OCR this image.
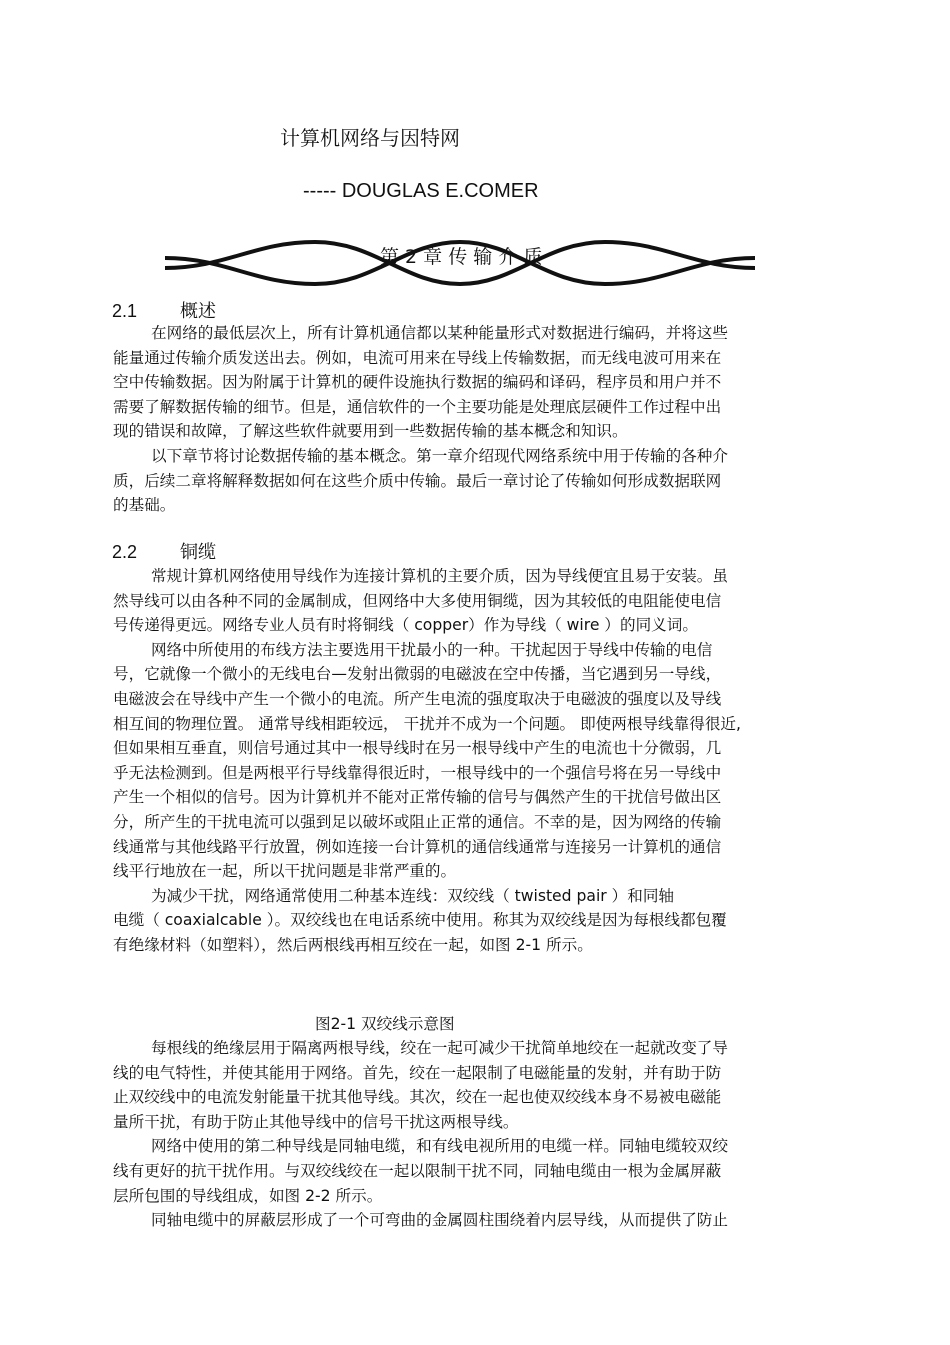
计算机网络与因特网
----- DOUGLAS E.COMER
第 2 章 传 输 介 质
2.1 概述
在网络的最低层次上，所有计算机通信都以某种能量形式对数据进行编码，并将这些
能量通过传输介质发送出去。例如，电流可用来在导线上传输数据，而无线电波可用来在
空中传输数据。因为附属于计算机的硬件设施执行数据的编码和译码，程序员和用户并不
需要了解数据传输的细节。但是，通信软件的一个主要功能是处理底层硬件工作过程中出
现的错误和故障，了解这些软件就要用到一些数据传输的基本概念和知识。
以下章节将讨论数据传输的基本概念。第一章介绍现代网络系统中用于传输的各种介
质，后续二章将解释数据如何在这些介质中传输。最后一章讨论了传输如何形成数据联网
的基础。
2.2 铜缆
常规计算机网络使用导线作为连接计算机的主要介质，因为导线便宜且易于安装。虽
然导线可以由各种不同的金属制成，但网络中大多使用铜缆，因为其较低的电阻能使电信
号传递得更远。网络专业人员有时将铜线（ copper）作为导线（ wire ）的同义词。
网络中所使用的布线方法主要选用干扰最小的一种。干扰起因于导线中传输的电信
号，它就像一个微小的无线电台—发射出微弱的电磁波在空中传播，当它遇到另一导线，
电磁波会在导线中产生一个微小的电流。所产生电流的强度取决于电磁波的强度以及导线
相互间的物理位置。 通常导线相距较远， 干扰并不成为一个问题。 即使两根导线靠得很近,
但如果相互垂直，则信号通过其中一根导线时在另一根导线中产生的电流也十分微弱，几
乎无法检测到。但是两根平行导线靠得很近时，一根导线中的一个强信号将在另一导线中
产生一个相似的信号。因为计算机并不能对正常传输的信号与偶然产生的干扰信号做出区
分，所产生的干扰电流可以强到足以破坏或阻止正常的通信。不幸的是，因为网络的传输
线通常与其他线路平行放置，例如连接一台计算机的通信线通常与连接另一计算机的通信
线平行地放在一起，所以干扰问题是非常严重的。
为减少干扰，网络通常使用二种基本连线：双绞线（ twisted pair ）和同轴
电缆（ coaxialcable ）。双绞线也在电话系统中使用。称其为双绞线是因为每根线都包覆
有绝缘材料（如塑料），然后两根线再相互绞在一起，如图 2-1 所示。
图2-1 双绞线示意图
每根线的绝缘层用于隔离两根导线，绞在一起可减少干扰简单地绞在一起就改变了导
线的电气特性，并使其能用于网络。首先，绞在一起限制了电磁能量的发射，并有助于防
止双绞线中的电流发射能量干扰其他导线。其次，绞在一起也使双绞线本身不易被电磁能
量所干扰，有助于防止其他导线中的信号干扰这两根导线。
网络中使用的第二种导线是同轴电缆，和有线电视所用的电缆一样。同轴电缆较双绞
线有更好的抗干扰作用。与双绞线绞在一起以限制干扰不同，同轴电缆由一根为金属屏蔽
层所包围的导线组成，如图 2-2 所示。
同轴电缆中的屏蔽层形成了一个可弯曲的金属圆柱围绕着内层导线，从而提供了防止
